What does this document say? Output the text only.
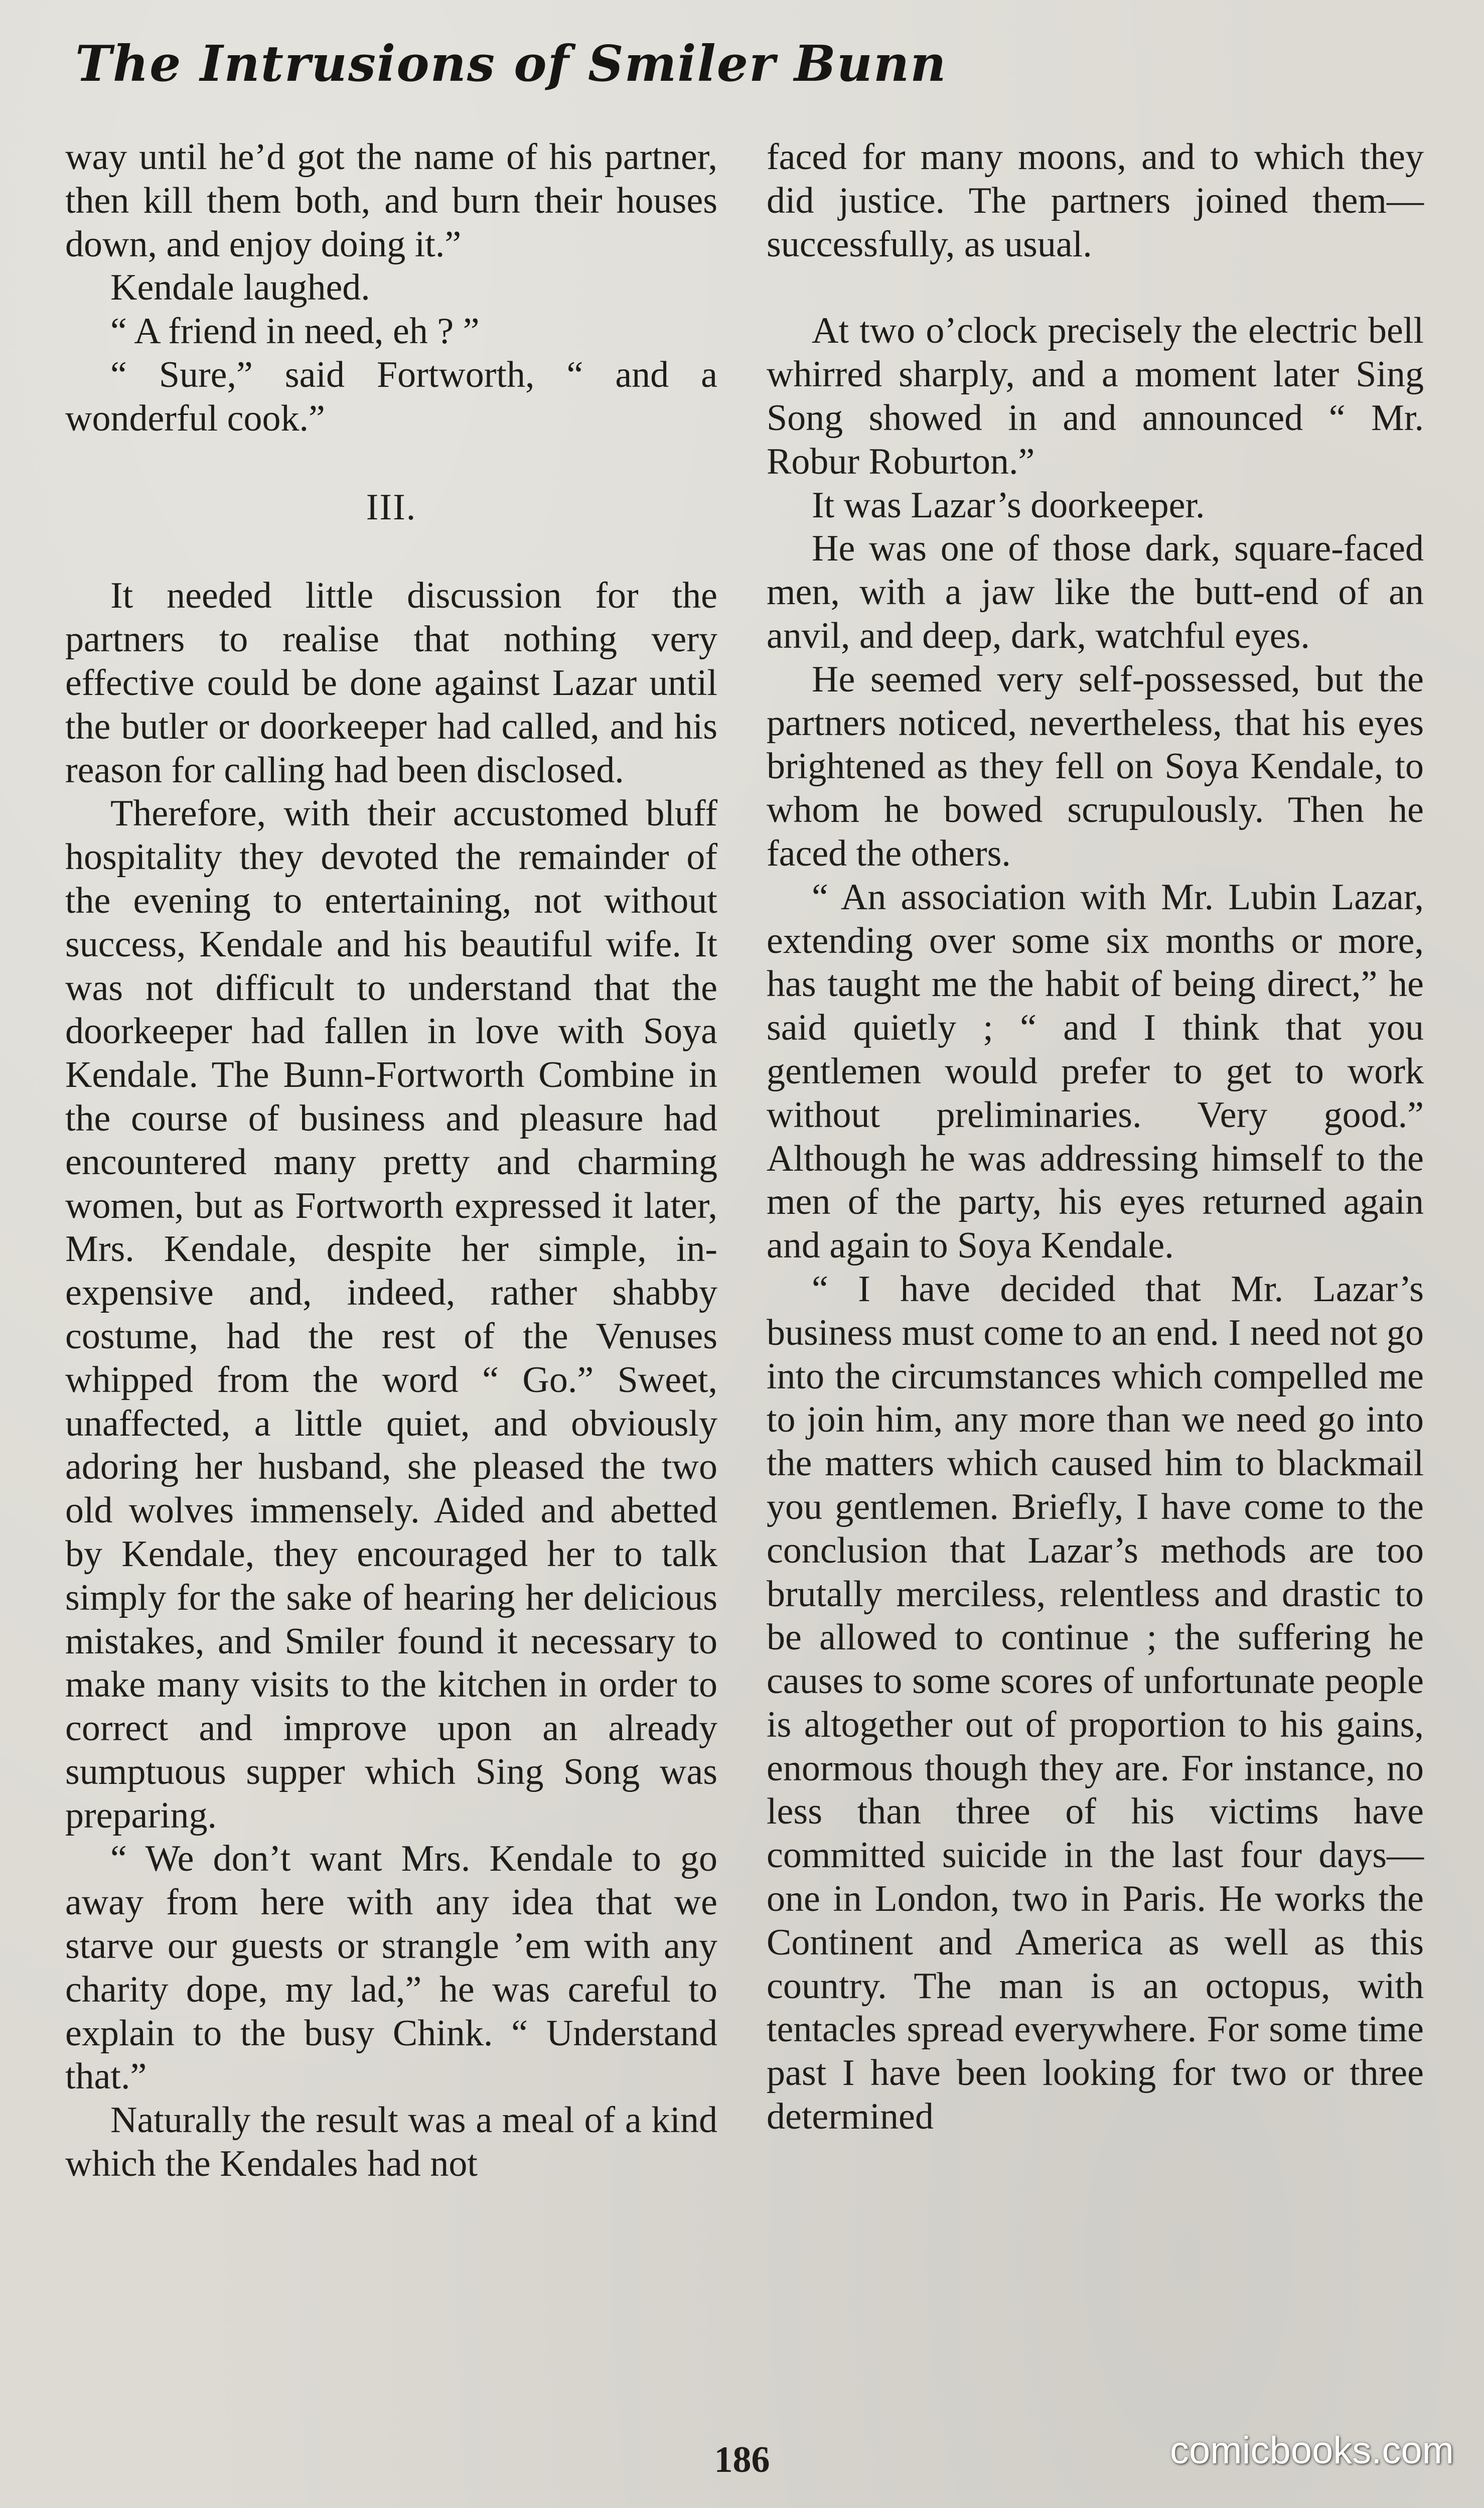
The Intrusions of Smiler Bunn

way until he’d got the name of his partner, then kill them both, and burn their houses down, and enjoy doing it.”

Kendale laughed.

“ A friend in need, eh ? ”

“ Sure,” said Fortworth, “ and a wonderful cook.”

III.

It needed little discussion for the partners to realise that nothing very effective could be done against Lazar until the butler or doorkeeper had called, and his reason for calling had been disclosed.

Therefore, with their accustomed bluff hospitality they devoted the remainder of the evening to entertaining, not without success, Kendale and his beautiful wife. It was not difficult to understand that the doorkeeper had fallen in love with Soya Kendale. The Bunn-Fortworth Combine in the course of business and pleasure had encountered many pretty and charming women, but as Fortworth expressed it later, Mrs. Kendale, despite her simple, inexpensive and, indeed, rather shabby costume, had the rest of the Venuses whipped from the word “ Go.” Sweet, unaffected, a little quiet, and obviously adoring her husband, she pleased the two old wolves immensely. Aided and abetted by Kendale, they encouraged her to talk simply for the sake of hearing her delicious mistakes, and Smiler found it necessary to make many visits to the kitchen in order to correct and improve upon an already sumptuous supper which Sing Song was preparing.

“ We don’t want Mrs. Kendale to go away from here with any idea that we starve our guests or strangle ’em with any charity dope, my lad,” he was careful to explain to the busy Chink. “ Understand that.”

Naturally the result was a meal of a kind which the Kendales had not

faced for many moons, and to which they did justice. The partners joined them—successfully, as usual.

At two o’clock precisely the electric bell whirred sharply, and a moment later Sing Song showed in and announced “ Mr. Robur Roburton.”

It was Lazar’s doorkeeper.

He was one of those dark, square-faced men, with a jaw like the butt-end of an anvil, and deep, dark, watchful eyes.

He seemed very self-possessed, but the partners noticed, nevertheless, that his eyes brightened as they fell on Soya Kendale, to whom he bowed scrupulously. Then he faced the others.

“ An association with Mr. Lubin Lazar, extending over some six months or more, has taught me the habit of being direct,” he said quietly ; “ and I think that you gentlemen would prefer to get to work without preliminaries. Very good.” Although he was addressing himself to the men of the party, his eyes returned again and again to Soya Kendale.

“ I have decided that Mr. Lazar’s business must come to an end. I need not go into the circumstances which compelled me to join him, any more than we need go into the matters which caused him to blackmail you gentlemen. Briefly, I have come to the conclusion that Lazar’s methods are too brutally merciless, relentless and drastic to be allowed to continue ; the suffering he causes to some scores of unfortunate people is altogether out of proportion to his gains, enormous though they are. For instance, no less than three of his victims have committed suicide in the last four days—one in London, two in Paris. He works the Continent and America as well as this country. The man is an octopus, with tentacles spread everywhere. For some time past I have been looking for two or three determined

186	comicbooks.com
